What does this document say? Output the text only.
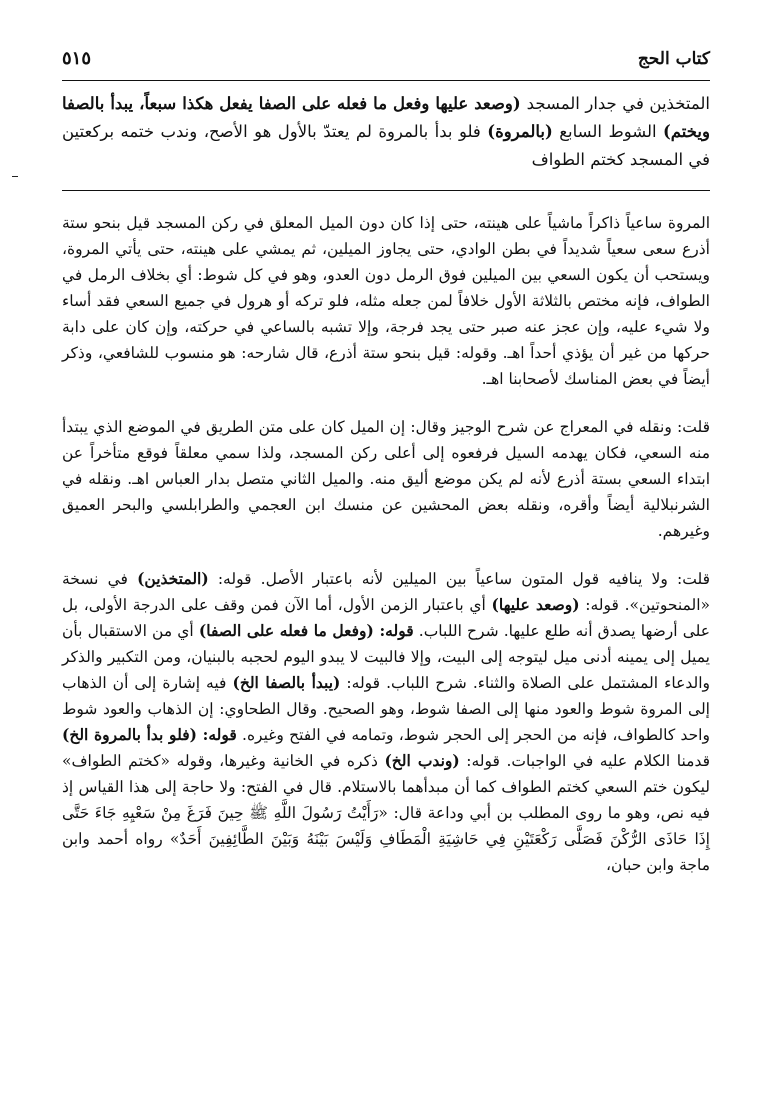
كتاب الحج
٥١٥

المتخذين في جدار المسجد (وصعد عليها وفعل ما فعله على الصفا يفعل هكذا سبعاً، يبدأ بالصفا ويختم) الشوط السابع (بالمروة) فلو بدأ بالمروة لم يعتدّ بالأول هو الأصح، وندب ختمه بركعتين في المسجد كختم الطواف

المروة ساعياً ذاكراً ماشياً على هينته، حتى إذا كان دون الميل المعلق في ركن المسجد قيل بنحو ستة أذرع سعى سعياً شديداً في بطن الوادي، حتى يجاوز الميلين، ثم يمشي على هينته، حتى يأتي المروة، ويستحب أن يكون السعي بين الميلين فوق الرمل دون العدو، وهو في كل شوط: أي بخلاف الرمل في الطواف، فإنه مختص بالثلاثة الأول خلافاً لمن جعله مثله، فلو تركه أو هرول في جميع السعي فقد أساء ولا شيء عليه، وإن عجز عنه صبر حتى يجد فرجة، وإلا تشبه بالساعي في حركته، وإن كان على دابة حركها من غير أن يؤذي أحداً اهـ. وقوله: قيل بنحو ستة أذرع، قال شارحه: هو منسوب للشافعي، وذكر أيضاً في بعض المناسك لأصحابنا اهـ.

قلت: ونقله في المعراج عن شرح الوجيز وقال: إن الميل كان على متن الطريق في الموضع الذي يبتدأ منه السعي، فكان يهدمه السيل فرفعوه إلى أعلى ركن المسجد، ولذا سمي معلقاً فوقع متأخراً عن ابتداء السعي بستة أذرع لأنه لم يكن موضع أليق منه. والميل الثاني متصل بدار العباس اهـ. ونقله في الشرنبلالية أيضاً وأقره، ونقله بعض المحشين عن منسك ابن العجمي والطرابلسي والبحر العميق وغيرهم.

قلت: ولا ينافيه قول المتون ساعياً بين الميلين لأنه باعتبار الأصل. قوله: (المتخذين) في نسخة «المنحوتين». قوله: (وصعد عليها) أي باعتبار الزمن الأول، أما الآن فمن وقف على الدرجة الأولى، بل على أرضها يصدق أنه طلع عليها. شرح اللباب. قوله: (وفعل ما فعله على الصفا) أي من الاستقبال بأن يميل إلى يمينه أدنى ميل ليتوجه إلى البيت، وإلا فالبيت لا يبدو اليوم لحجبه بالبنيان، ومن التكبير والذكر والدعاء المشتمل على الصلاة والثناء. شرح اللباب. قوله: (يبدأ بالصفا الخ) فيه إشارة إلى أن الذهاب إلى المروة شوط والعود منها إلى الصفا شوط، وهو الصحيح. وقال الطحاوي: إن الذهاب والعود شوط واحد كالطواف، فإنه من الحجر إلى الحجر شوط، وتمامه في الفتح وغيره. قوله: (فلو بدأ بالمروة الخ) قدمنا الكلام عليه في الواجبات. قوله: (وندب الخ) ذكره في الخانية وغيرها، وقوله «كختم الطواف» ليكون ختم السعي كختم الطواف كما أن مبدأهما بالاستلام. قال في الفتح: ولا حاجة إلى هذا القياس إذ فيه نص، وهو ما روى المطلب بن أبي وداعة قال: «رَأَيْتُ رَسُولَ اللَّهِ ﷺ حِينَ فَرَغَ مِنْ سَعْيِهِ جَاءَ حَتَّى إِذَا حَاذَى الرُّكْنَ فَصَلَّى رَكْعَتَيْنِ فِي حَاشِيَةِ الْمَطَافِ وَلَيْسَ بَيْنَهُ وَبَيْنَ الطَّائِفِينَ أَحَدٌ» رواه أحمد وابن ماجة وابن حبان،
